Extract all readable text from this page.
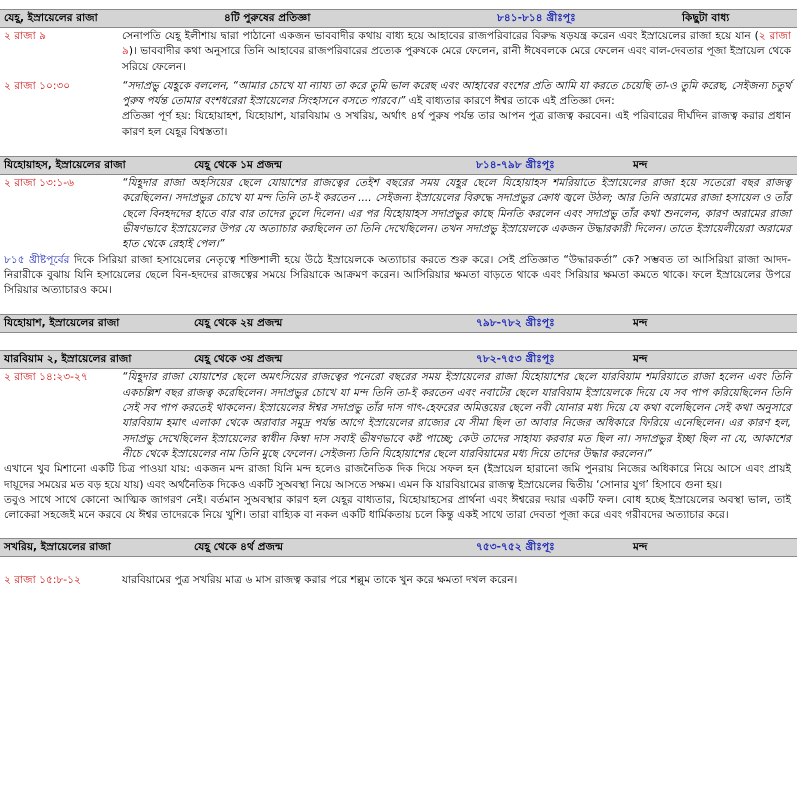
যেহূ, ইস্রায়েলের রাজা	৪টি পুরুষের প্রতিজ্ঞা	৮৪১-৮১৪ খ্রীঃপূঃ	কিছুটা বাধ্য
২ রাজা ৯	সেনাপতি যেহূ ইলীশায় দ্বারা পাঠানো একজন ভাববাদীর কথায় বাধ্য হয়ে আহাবের রাজপরিবারের বিরুদ্ধ ষড়যন্ত্র করেন এবং ইস্রায়েলের রাজা হয়ে যান (২ রাজা ৯)। ভাববাদীর কথা অনুসারে তিনি আহাবের রাজপরিবারের প্রত্যেক পুরুষকে মেরে ফেলেন, রানী ঈষেবলকে মেরে ফেলেন এবং বাল-দেবতার পূজা ইস্রায়েল থেকে সরিয়ে ফেলেন।
২ রাজা ১০:৩০	“সদাপ্রভু যেহূকে বললেন, “আমার চোখে যা ন্যায্য তা করে তুমি ভাল করেছ এবং আহাবের বংশের প্রতি আমি যা করতে চেয়েছি তা-ও তুমি করেছ, সেইজন্য চতুর্থ পুরুষ পর্যন্ত তোমার বংশধরেরা ইস্রায়েলের সিংহাসনে বসতে পারবে।” এই বাধ্যতার কারণে ঈশ্বর তাকে এই প্রতিজ্ঞা দেন:
প্রতিজ্ঞা পূর্ণ হয়: যিহোয়াহশ, যিহোয়াশ, যারবিয়াম ও সখরিয়, অর্থাৎ ৪র্থ পুরুষ পর্যন্ত তার আপন পুত্র রাজত্ব করবেন। এই পরিবারের দীর্ঘদিন রাজত্ব করার প্রধান কারণ হল যেহূর বিশ্বস্ততা।
যিহোয়াহস, ইস্রায়েলের রাজা	যেহূ থেকে ১ম প্রজন্ম	৮১৪-৭৯৮ খ্রীঃপূঃ	মন্দ
২ রাজা ১৩:১-৬	“যিহূদার রাজা অহসিয়ের ছেলে যোয়াশের রাজত্বের তেইশ বছরের সময় যেহূর ছেলে যিহোয়াহস শমরিয়াতে ইস্রায়েলের রাজা হয়ে সতেরো বছর রাজত্ব করেছিলেন। সদাপ্রভুর চোখে যা মন্দ তিনি তা-ই করতেন .... সেইজন্য ইস্রায়েলের বিরুদ্ধে সদাপ্রভুর ক্রোধ জ্বলে উঠল; আর তিনি অরামের রাজা হসায়েল ও তাঁর ছেলে বিনহদদের হাতে বার বার তাদের তুলে দিলেন। এর পর যিহোয়াহস সদাপ্রভুর কাছে মিনতি করলেন এবং সদাপ্রভু তাঁর কথা শুনলেন, কারণ অরামের রাজা ভীষণভাবে ইস্রায়েলের উপর যে অত্যাচার করছিলেন তা তিনি দেখেছিলেন। তখন সদাপ্রভু ইস্রায়েলকে একজন উদ্ধারকারী দিলেন। তাতে ইস্রায়েলীয়েরা অরামের হাত থেকে রেহাই পেল।”
৮১৫ খ্রীষ্টপূর্বের দিকে সিরিয়া রাজা হসায়েলের নেতৃত্বে শক্তিশালী হয়ে উঠে ইস্রায়েলকে অত্যাচার করতে শুরু করে। সেই প্রতিজ্ঞাত “উদ্ধারকর্তা” কে? সম্ভবত তা আসিরিয়া রাজা আদদ-নিরারীকে বুঝায় যিনি হসায়েলের ছেলে বিন-হদদের রাজত্বের সময়ে সিরিয়াকে আক্রমণ করেন। আসিরিয়ার ক্ষমতা বাড়তে থাকে এবং সিরিয়ার ক্ষমতা কমতে থাকে। ফলে ইস্রায়েলের উপরে সিরিয়ার অত্যাচারও কমে।
যিহোয়াশ, ইস্রায়েলের রাজা	যেহূ থেকে ২য় প্রজন্ম	৭৯৮-৭৮২ খ্রীঃপূঃ	মন্দ
যারবিয়াম ২, ইস্রায়েলের রাজা	যেহূ থেকে ৩য় প্রজন্ম	৭৮২-৭৫৩ খ্রীঃপূঃ	মন্দ
২ রাজা ১৪:২৩-২৭	“যিহূদার রাজা যোয়াশের ছেলে অমৎসিয়ের রাজত্বের পনেরো বছরের সময় ইস্রায়েলের রাজা যিহোয়াশের ছেলে যারবিয়াম শমরিয়াতে রাজা হলেন এবং তিনি একচল্লিশ বছর রাজত্ব করেছিলেন। সদাপ্রভুর চোখে যা মন্দ তিনি তা-ই করতেন এবং নবাটের ছেলে যারবিয়াম ইস্রায়েলকে দিয়ে যে সব পাপ করিয়েছিলেন তিনি সেই সব পাপ করতেই থাকলেন। ইস্রায়েলের ঈশ্বর সদাপ্রভু তাঁর দাস গাৎ-হেফরের অমিত্তয়ের ছেলে নবী যোনার মধ্য দিয়ে যে কথা বলেছিলেন সেই কথা অনুসারে যারবিয়াম হমাৎ এলাকা থেকে অরাবার সমুদ্র পর্যন্ত আগে ইস্রায়েলের রাজ্যের যে সীমা ছিল তা আবার নিজের অধিকারে ফিরিয়ে এনেছিলেন। এর কারণ হল, সদাপ্রভু দেখেছিলেন ইস্রায়েলের স্বাধীন কিম্বা দাস সবাই ভীষণভাবে কষ্ট পাচ্ছে; কেউ তাদের সাহায্য করবার মত ছিল না। সদাপ্রভুর ইচ্ছা ছিল না যে, আকাশের নীচে থেকে ইস্রায়েলের নাম তিনি মুছে ফেলেন। সেইজন্য তিনি যিহোয়াশের ছেলে যারবিয়ামের মধ্য দিয়ে তাদের উদ্ধার করলেন।”
এখানে খুব মিশানো একটি চিত্র পাওয়া যায়: একজন মন্দ রাজা যিনি মন্দ হলেও রাজনৈতিক দিক দিয়ে সফল হন (ইস্রায়েল হারানো জমি পুনরায় নিজের অধিকারে নিয়ে আসে এবং প্রায়ই দায়ূদের সময়ের মত বড় হয়ে যায়) এবং অর্থনৈতিক দিকেও একটি সুঅবস্থা নিয়ে আসতে সক্ষম। এমন কি যারবিয়ামের রাজত্ব ইস্রায়েলের দ্বিতীয় ‘সোনার যুগ’ হিসাবে গুনা হয়।
তবুও সাথে সাথে কোনো আত্মিক জাগরণ নেই। বর্তমান সুঅবস্থার কারণ হল যেহূর বাধ্যতার, যিহোয়াহসের প্রার্থনা এবং ঈশ্বরের দয়ার একটি ফল। বোধ হচ্ছে ইস্রায়েলের অবস্থা ভাল, তাই লোকেরা সহজেই মনে করবে যে ঈশ্বর তাদেরকে নিয়ে খুশি। তারা বাহ্যিক বা নকল একটি ধার্মিকতায় চলে কিন্তু একই সাথে তারা দেবতা পূজা করে এবং গরীবদের অত্যাচার করে।
সখরিয়, ইস্রায়েলের রাজা	যেহূ থেকে ৪র্থ প্রজন্ম	৭৫৩-৭৫২ খ্রীঃপূঃ	মন্দ
২ রাজা ১৫:৮-১২	যারবিয়ামের পুত্র সখরিয় মাত্র ৬ মাস রাজত্ব করার পরে শল্লুম তাকে খুন করে ক্ষমতা দখল করেন।
